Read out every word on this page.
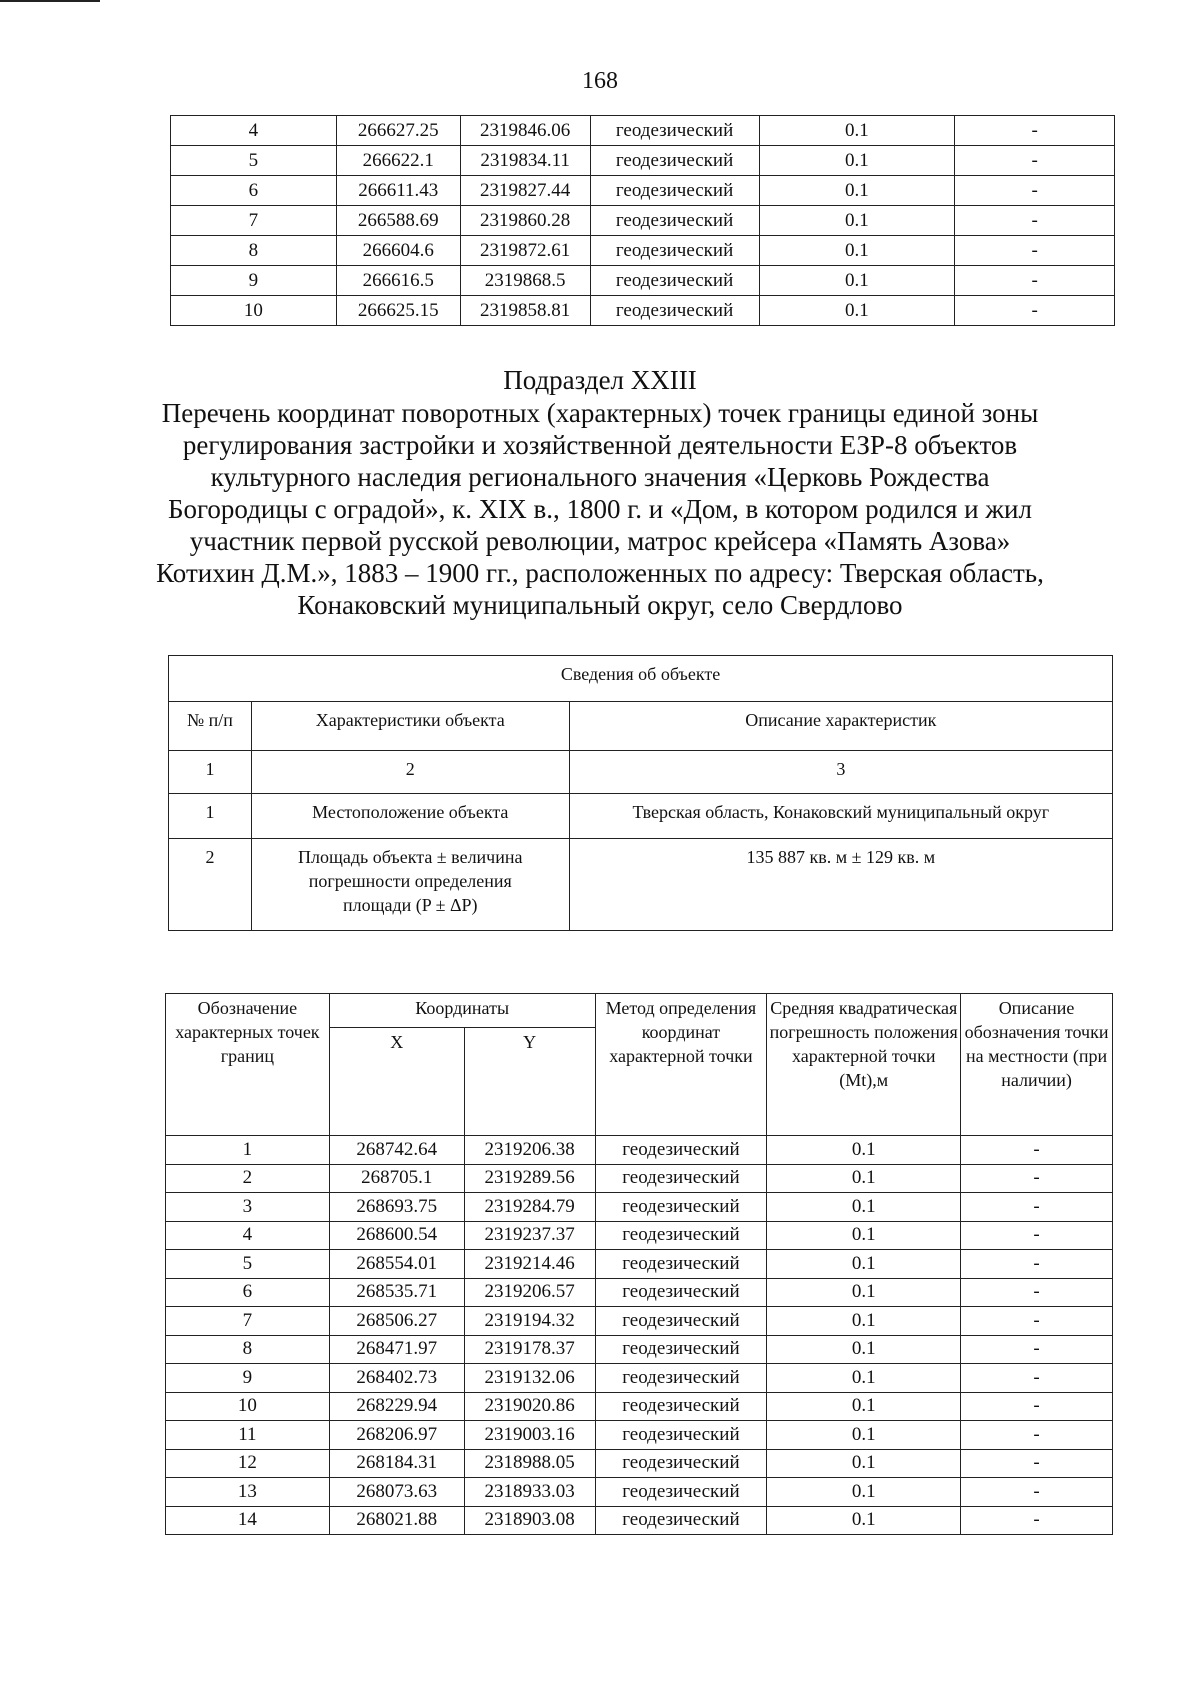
168
4	266627.25	2319846.06	геодезический	0.1	-
5	266622.1	2319834.11	геодезический	0.1	-
6	266611.43	2319827.44	геодезический	0.1	-
7	266588.69	2319860.28	геодезический	0.1	-
8	266604.6	2319872.61	геодезический	0.1	-
9	266616.5	2319868.5	геодезический	0.1	-
10	266625.15	2319858.81	геодезический	0.1	-
Подраздел XXIII
Перечень координат поворотных (характерных) точек границы единой зоны
регулирования застройки и хозяйственной деятельности ЕЗР-8 объектов
культурного наследия регионального значения «Церковь Рождества
Богородицы с оградой», к. XIX в., 1800 г. и «Дом, в котором родился и жил
участник первой русской революции, матрос крейсера «Память Азова»
Котихин Д.М.», 1883 – 1900 гг., расположенных по адресу: Тверская область,
Конаковский муниципальный округ, село Свердлово
Сведения об объекте		
№ п/п	Характеристики объекта	Описание характеристик
1	2	3
1	Местоположение объекта	Тверская область, Конаковский муниципальный округ
2	Площадь объекта ± величина погрешности определения площади (P ± ΔP)	135 887 кв. м ± 129 кв. м
Обозначение характерных точек границ	Координаты		Метод определения координат характерной точки	Средняя квадратическая погрешность положения характерной точки (Mt),м	Описание обозначения точки на местности (при наличии)
	X	Y			
1	268742.64	2319206.38	геодезический	0.1	-
2	268705.1	2319289.56	геодезический	0.1	-
3	268693.75	2319284.79	геодезический	0.1	-
4	268600.54	2319237.37	геодезический	0.1	-
5	268554.01	2319214.46	геодезический	0.1	-
6	268535.71	2319206.57	геодезический	0.1	-
7	268506.27	2319194.32	геодезический	0.1	-
8	268471.97	2319178.37	геодезический	0.1	-
9	268402.73	2319132.06	геодезический	0.1	-
10	268229.94	2319020.86	геодезический	0.1	-
11	268206.97	2319003.16	геодезический	0.1	-
12	268184.31	2318988.05	геодезический	0.1	-
13	268073.63	2318933.03	геодезический	0.1	-
14	268021.88	2318903.08	геодезический	0.1	-
